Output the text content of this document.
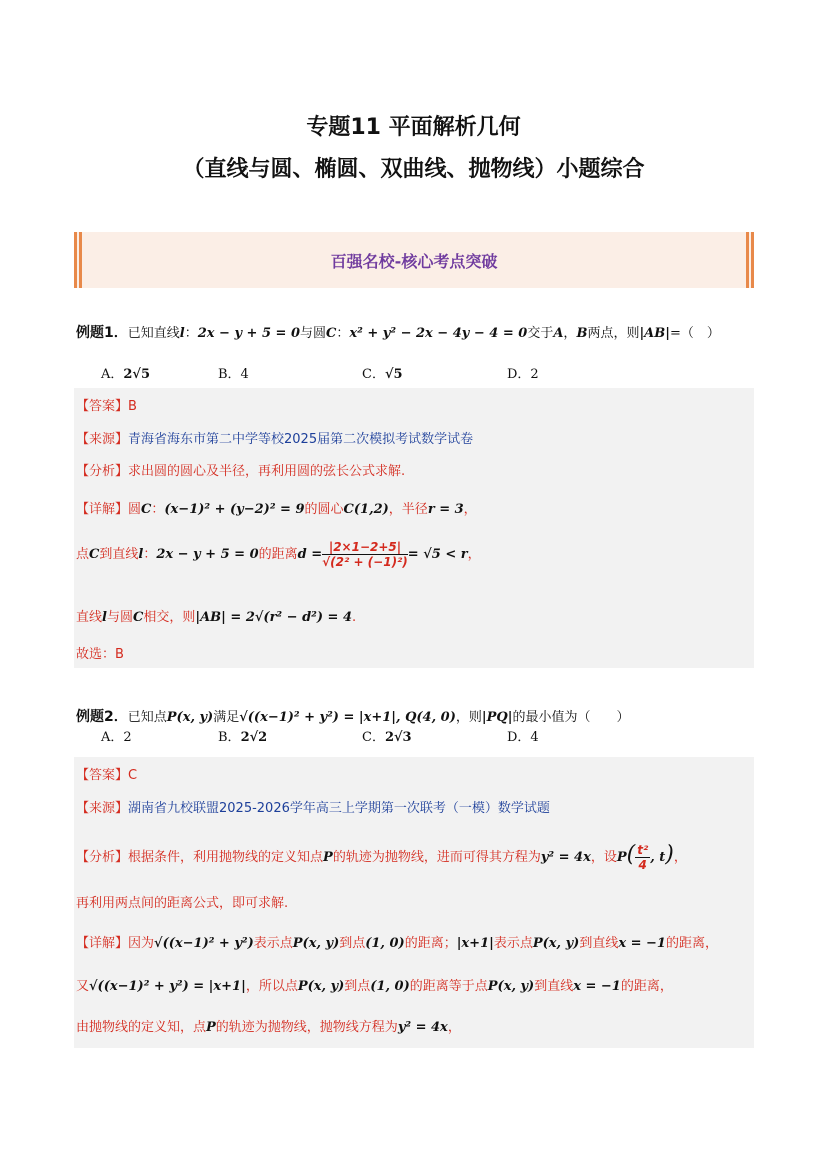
专题11 平面解析几何
（直线与圆、椭圆、双曲线、抛物线）小题综合
百强名校-核心考点突破
例题1．已知直线l：2x − y + 5 = 0与圆C：x² + y² − 2x − 4y − 4 = 0交于A，B两点，则|AB|=（　）
A．2√5	B．4	C．√5	D．2
【答案】B
【来源】青海省海东市第二中学等校2025届第二次模拟考试数学试卷
【分析】求出圆的圆心及半径，再利用圆的弦长公式求解.
【详解】圆C：(x−1)² + (y−2)² = 9的圆心C(1,2)，半径r = 3，
点C到直线l：2x − y + 5 = 0的距离$d = \frac{|2\times 1-2+5|}{\text{√(2² + (−1)²)}} = √5 < r$，
直线l与圆C相交，则|AB| = 2√(r² − d²) = 4.
故选：B
例题2．已知点P(x, y)满足√((x−1)² + y²) = |x+1|, Q(4, 0)，则|PQ|的最小值为（　　）
A．2	B．2√2	C．2√3	D．4
【答案】C
【来源】湖南省九校联盟2025-2026学年高三上学期第一次联考（一模）数学试题
【分析】根据条件，利用抛物线的定义知点P的轨迹为抛物线，进而可得其方程为y² = 4x，设$P( \frac{\text{t²}}{4}$ , t)，
再利用两点间的距离公式，即可求解.
【详解】因为√((x−1)² + y²)表示点P(x, y)到点(1, 0)的距离；|x+1|表示点P(x, y)到直线x = −1的距离，
又√((x−1)² + y²) = |x+1|，所以点P(x, y)到点(1, 0)的距离等于点P(x, y)到直线x = −1的距离，
由抛物线的定义知，点P的轨迹为抛物线，抛物线方程为y² = 4x，
